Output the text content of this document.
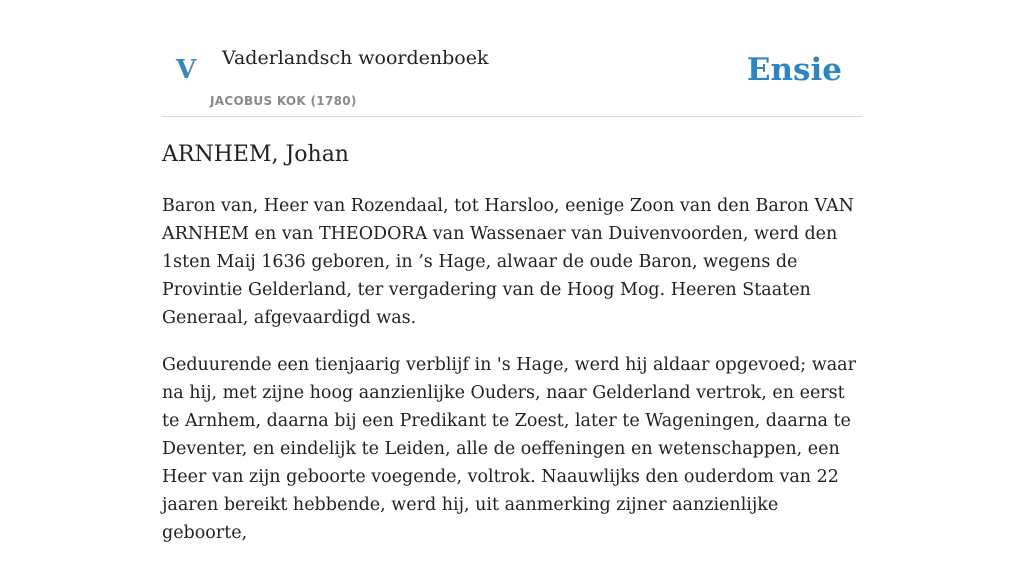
V Vaderlandsch woordenboek
JACOBUS KOK (1780)
Ensie
ARNHEM, Johan

Baron van, Heer van Rozendaal, tot Harsloo, eenige Zoon van den Baron VAN ARNHEM en van THEODORA van Wassenaer van Duivenvoorden, werd den 1sten Maij 1636 geboren, in ’s Hage, alwaar de oude Baron, wegens de Provintie Gelderland, ter vergadering van de Hoog Mog. Heeren Staaten Generaal, afgevaardigd was.

Geduurende een tienjaarig verblijf in 's Hage, werd hij aldaar opgevoed; waar na hij, met zijne hoog aanzienlijke Ouders, naar Gelderland vertrok, en eerst te Arnhem, daarna bij een Predikant te Zoest, later te Wageningen, daarna te Deventer, en eindelijk te Leiden, alle de oeffeningen en wetenschappen, een Heer van zijn geboorte voegende, voltrok. Naauwlijks den ouderdom van 22 jaaren bereikt hebbende, werd hij, uit aanmerking zijner aanzienlijke geboorte,
